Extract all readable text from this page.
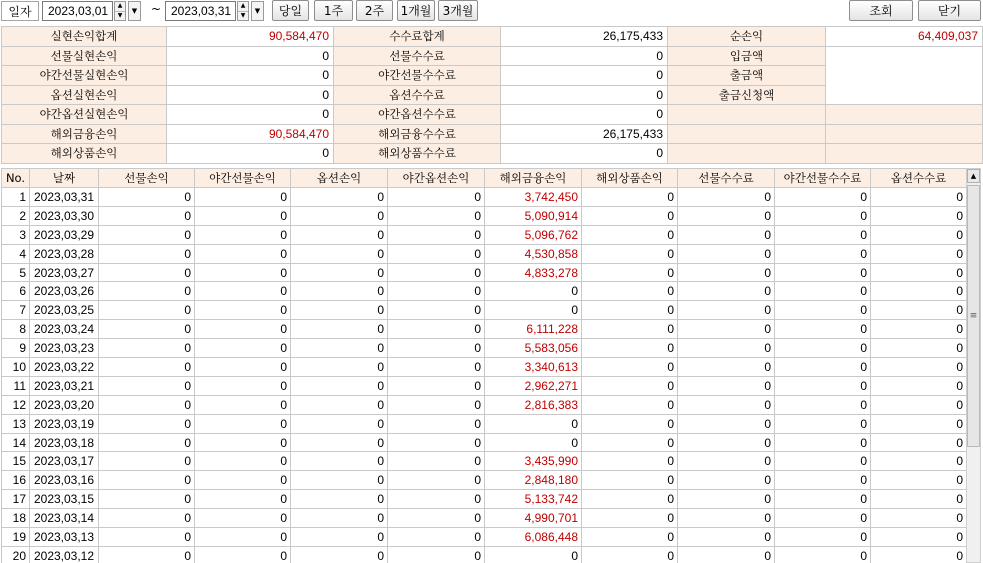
일자	2023,03,01	▲
▼
▼	~ 2023,03,31	▲
▼
▼	당일	1주	2주	1개월 3개월	조회	닫기
실현손익합계	90,584,470	수수료합계	26,175,433	순손익	64,409,037
선물실현손익	0	선물수수료	0	입금액	
야간선물실현손익	0	야간선물수수료	0	출금액	
옵션실현손익	0	옵션수수료	0	출금신청액	
야간옵션실현손익	0	야간옵션수수료	0		
해외금융손익	90,584,470	해외금융수수료	26,175,433		
해외상품손익	0	해외상품수수료	0		
No.	날짜	선물손익	야간선물손익	옵션손익	야간옵션손익	해외금융손익	해외상품손익	선물수수료	야간선물수수료	옵션수수료
1	2023,03,31	0	0	0	0	3,742,450	0	0	0	0
2	2023,03,30	0	0	0	0	5,090,914	0	0	0	0
3	2023,03,29	0	0	0	0	5,096,762	0	0	0	0
4	2023,03,28	0	0	0	0	4,530,858	0	0	0	0
5	2023,03,27	0	0	0	0	4,833,278	0	0	0	0
6	2023,03,26	0	0	0	0	0	0	0	0	0
7	2023,03,25	0	0	0	0	0	0	0	0	0
8	2023,03,24	0	0	0	0	6,111,228	0	0	0	0
9	2023,03,23	0	0	0	0	5,583,056	0	0	0	0
10	2023,03,22	0	0	0	0	3,340,613	0	0	0	0
11	2023,03,21	0	0	0	0	2,962,271	0	0	0	0
12	2023,03,20	0	0	0	0	2,816,383	0	0	0	0
13	2023,03,19	0	0	0	0	0	0	0	0	0
14	2023,03,18	0	0	0	0	0	0	0	0	0
15	2023,03,17	0	0	0	0	3,435,990	0	0	0	0
16	2023,03,16	0	0	0	0	2,848,180	0	0	0	0
17	2023,03,15	0	0	0	0	5,133,742	0	0	0	0
18	2023,03,14	0	0	0	0	4,990,701	0	0	0	0
19	2023,03,13	0	0	0	0	6,086,448	0	0	0	0
20	2023,03,12	0	0	0	0	0	0	0	0	0
▲
≡
